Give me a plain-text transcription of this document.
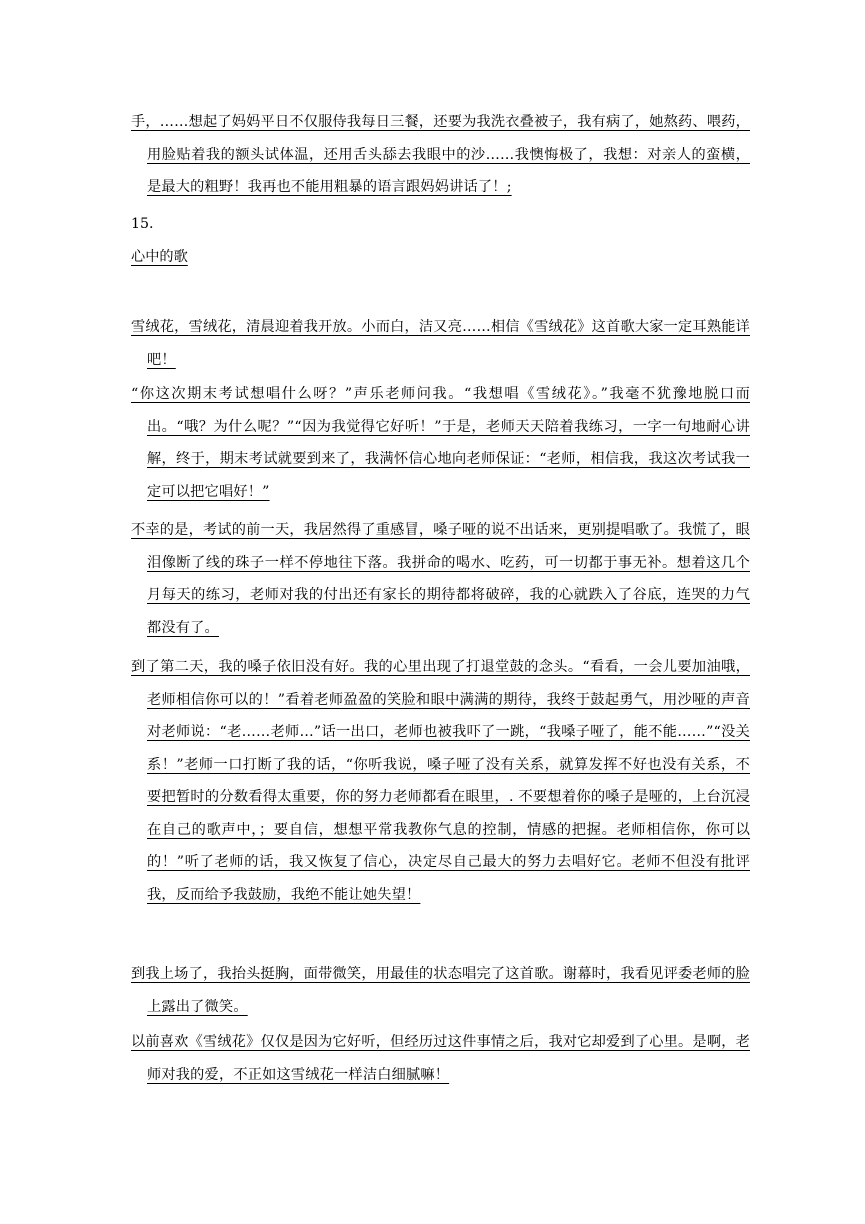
手，……想起了妈妈平日不仅服侍我每日三餐，还要为我洗衣叠被子，我有病了，她熬药、喂药，用脸贴着我的额头试体温，还用舌头舔去我眼中的沙……我懊悔极了，我想：对亲人的蛮横，是最大的粗野！我再也不能用粗暴的语言跟妈妈讲话了！;
15.
心中的歌
雪绒花，雪绒花，清晨迎着我开放。小而白，洁又亮……相信《雪绒花》这首歌大家一定耳熟能详吧！
“你这次期末考试想唱什么呀？”声乐老师问我。“我想唱《雪绒花》。”我毫不犹豫地脱口而出。“哦？为什么呢？”“因为我觉得它好听！”于是，老师天天陪着我练习，一字一句地耐心讲解，终于，期末考试就要到来了，我满怀信心地向老师保证：“老师，相信我，我这次考试我一定可以把它唱好！”
不幸的是，考试的前一天，我居然得了重感冒，嗓子哑的说不出话来，更别提唱歌了。我慌了，眼泪像断了线的珠子一样不停地往下落。我拼命的喝水、吃药，可一切都于事无补。想着这几个月每天的练习，老师对我的付出还有家长的期待都将破碎，我的心就跌入了谷底，连哭的力气都没有了。
到了第二天，我的嗓子依旧没有好。我的心里出现了打退堂鼓的念头。“看看，一会儿要加油哦，老师相信你可以的！”看着老师盈盈的笑脸和眼中满满的期待，我终于鼓起勇气，用沙哑的声音对老师说：“老……老师…”话一出口，老师也被我吓了一跳，“我嗓子哑了，能不能……”“没关系！”老师一口打断了我的话，“你听我说，嗓子哑了没有关系，就算发挥不好也没有关系，不要把暂时的分数看得太重要，你的努力老师都看在眼里，. 不要想着你的嗓子是哑的，上台沉浸在自己的歌声中，；要自信，想想平常我教你气息的控制，情感的把握。老师相信你，你可以的！”听了老师的话，我又恢复了信心，决定尽自己最大的努力去唱好它。老师不但没有批评我，反而给予我鼓励，我绝不能让她失望！
到我上场了，我抬头挺胸，面带微笑，用最佳的状态唱完了这首歌。谢幕时，我看见评委老师的脸上露出了微笑。
以前喜欢《雪绒花》仅仅是因为它好听，但经历过这件事情之后，我对它却爱到了心里。是啊，老师对我的爱，不正如这雪绒花一样洁白细腻嘛！
